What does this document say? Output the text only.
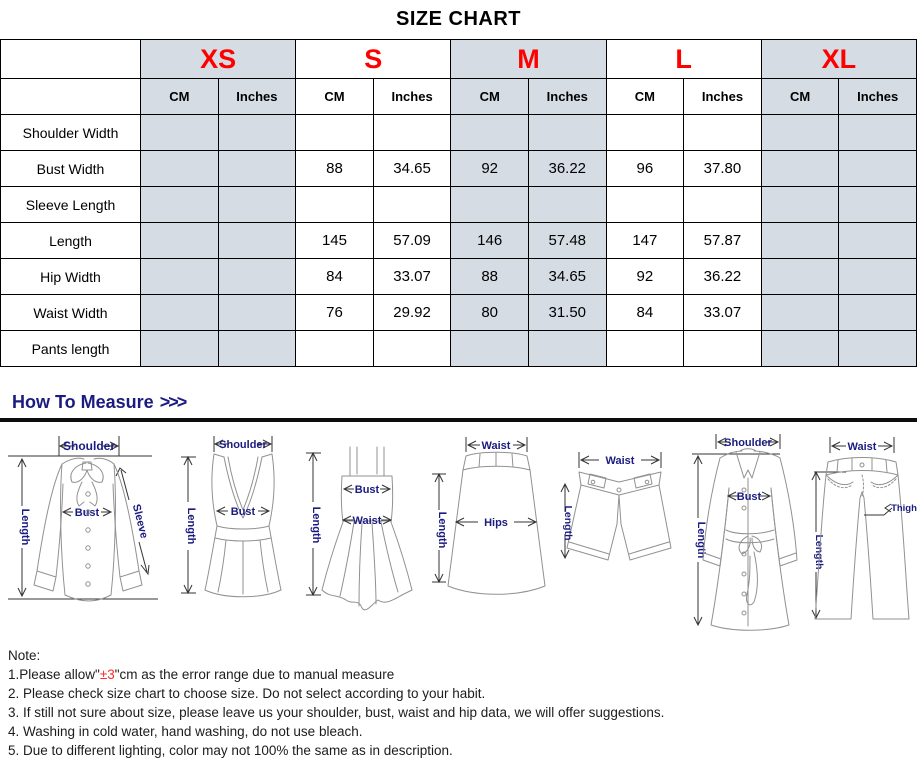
SIZE CHART
	XS		S		M		L		XL	
	CM	Inches	CM	Inches	CM	Inches	CM	Inches	CM	Inches
Shoulder Width										
Bust Width			88	34.65	92	36.22	96	37.80		
Sleeve Length										
Length			145	57.09	146	57.48	147	57.87		
Hip Width			84	33.07	88	34.65	92	36.22		
Waist Width			76	29.92	80	31.50	84	33.07		
Pants length										
How To Measure >>>
Shoulder
Length	Bust	Sleeve
Shoulder
Length	Bust	Length
Bust
Waist
Waist
Hips
Length
Waist
Length
Shoulder
Length
Bust
Waist
Length
Thigh
Note:
1.Please allow"±3"cm as the error range due to manual measure
2. Please check size chart to choose size. Do not select according to your habit.
3. If still not sure about size, please leave us your shoulder, bust, waist and hip data, we will offer suggestions.
4. Washing in cold water, hand washing, do not use bleach.
5. Due to different lighting, color may not 100% the same as in description.
